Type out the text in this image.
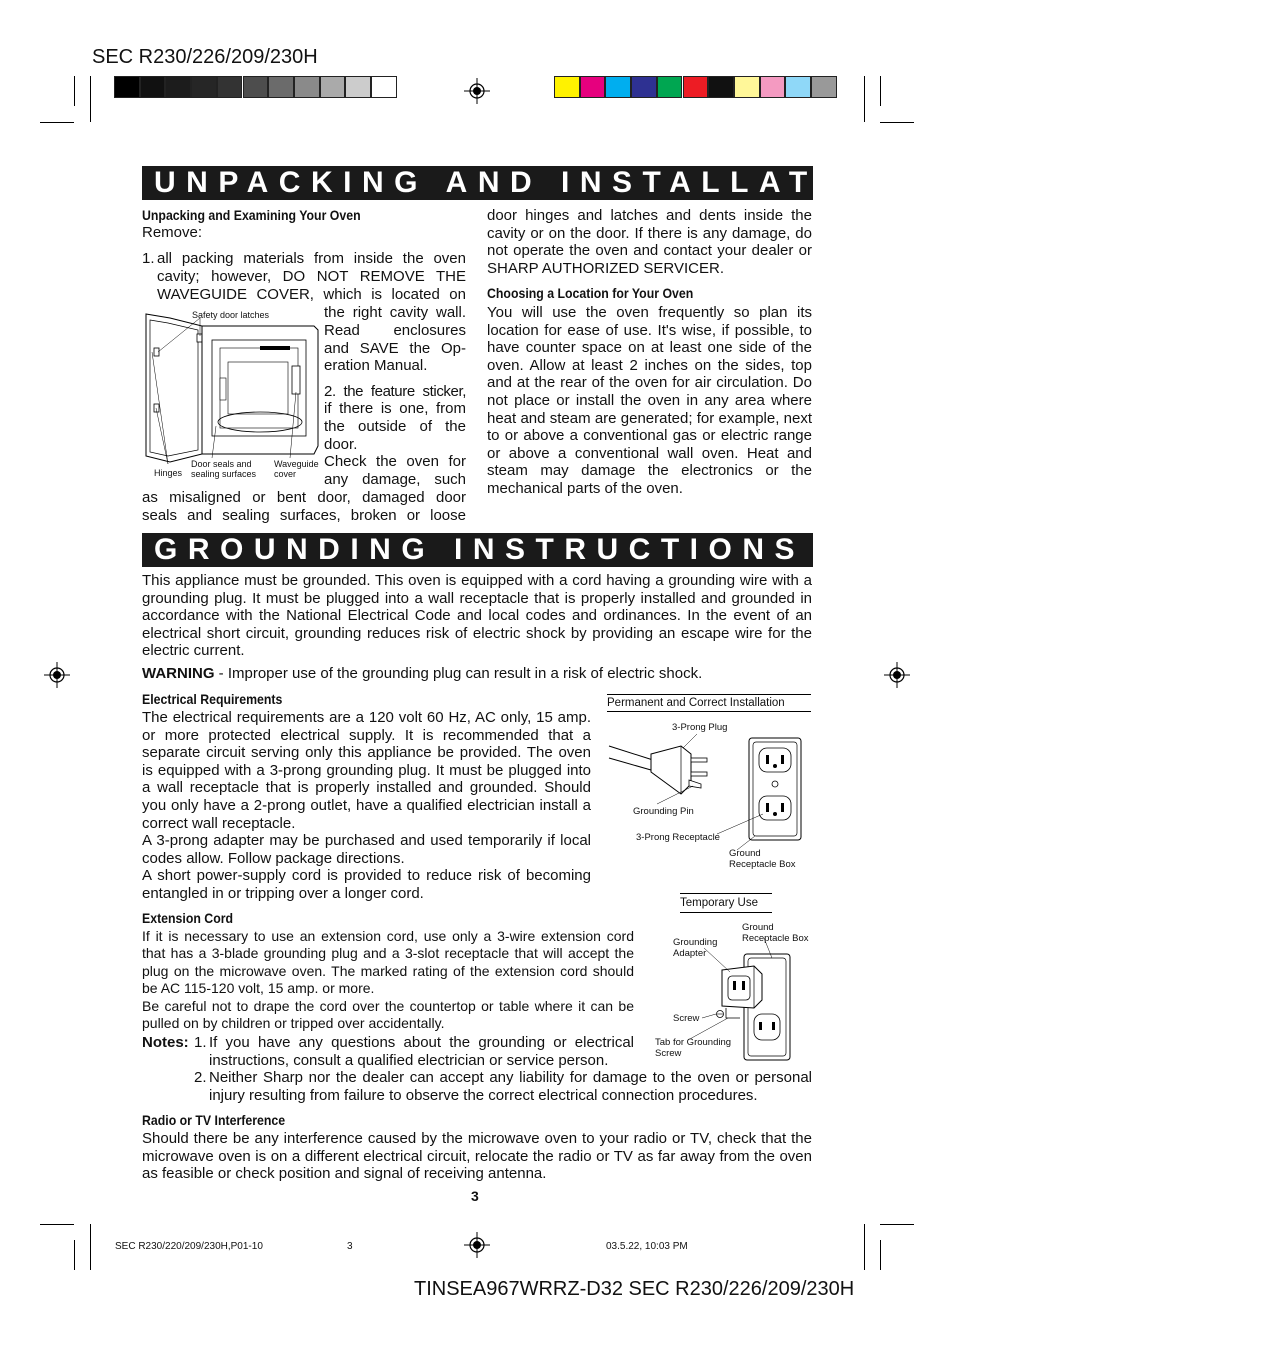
SEC R230/226/209/230H
UNPACKING AND INSTALLATION INSTRUCTIONS
Unpacking and Examining Your Oven
Remove:
1. all packing materials from inside the oven
cavity; however, DO NOT REMOVE THE
WAVEGUIDE COVER, which is located on
the right cavity wall.
Read enclosures
and SAVE the Op-
eration Manual.
2. the feature sticker,
if there is one, from
the outside of the
door.
Check the oven for
any damage, such
as misaligned or bent door, damaged door
seals and sealing surfaces, broken or loose
Safety door latches
Hinges
Door seals and sealing surfaces
Waveguide cover
door hinges and latches and dents inside the cavity or on the door. If there is any damage, do not operate the oven and contact your dealer or SHARP AUTHORIZED SERVICER.
Choosing a Location for Your Oven
You will use the oven frequently so plan its location for ease of use. It's wise, if possible, to have counter space on at least one side of the oven. Allow at least 2 inches on the sides, top and at the rear of the oven for air circulation. Do not place or install the oven in any area where heat and steam are generated; for example, next to or above a conventional gas or electric range or above a conventional wall oven. Heat and steam may damage the electronics or the mechanical parts of the oven.
GROUNDING INSTRUCTIONS
This appliance must be grounded. This oven is equipped with a cord having a grounding wire with a grounding plug. It must be plugged into a wall receptacle that is properly installed and grounded in accordance with the National Electrical Code and local codes and ordinances. In the event of an electrical short circuit, grounding reduces risk of electric shock by providing an escape wire for the electric current.
WARNING - Improper use of the grounding plug can result in a risk of electric shock.
Electrical Requirements
The electrical requirements are a 120 volt 60 Hz, AC only, 15 amp. or more protected electrical supply. It is recommended that a separate circuit serving only this appliance be provided. The oven is equipped with a 3-prong grounding plug. It must be plugged into a wall receptacle that is properly installed and grounded. Should you only have a 2-prong outlet, have a qualified electrician install a correct wall receptacle.
A 3-prong adapter may be purchased and used temporarily if local codes allow. Follow package directions.
A short power-supply cord is provided to reduce risk of becoming entangled in or tripping over a longer cord.
Extension Cord
If it is necessary to use an extension cord, use only a 3-wire extension cord that has a 3-blade grounding plug and a 3-slot receptacle that will accept the plug on the microwave oven. The marked rating of the extension cord should be AC 115-120 volt, 15 amp. or more.
Be careful not to drape the cord over the countertop or table where it can be pulled on by children or tripped over accidentally.
Notes: 1. If you have any questions about the grounding or electrical instructions, consult a qualified electrician or service person.
2. Neither Sharp nor the dealer can accept any liability for damage to the oven or personal injury resulting from failure to observe the correct electrical connection procedures.
Radio or TV Interference
Should there be any interference caused by the microwave oven to your radio or TV, check that the microwave oven is on a different electrical circuit, relocate the radio or TV as far away from the oven as feasible or check position and signal of receiving antenna.
Permanent and Correct Installation
3-Prong Plug
Grounding Pin
3-Prong Receptacle
Ground Receptacle Box
Temporary Use
Ground Receptacle Box
Grounding Adapter
Screw
Tab for Grounding Screw
3
SEC R230/220/209/230H,P01-10	3	03.5.22, 10:03 PM
TINSEA967WRRZ-D32 SEC R230/226/209/230H
